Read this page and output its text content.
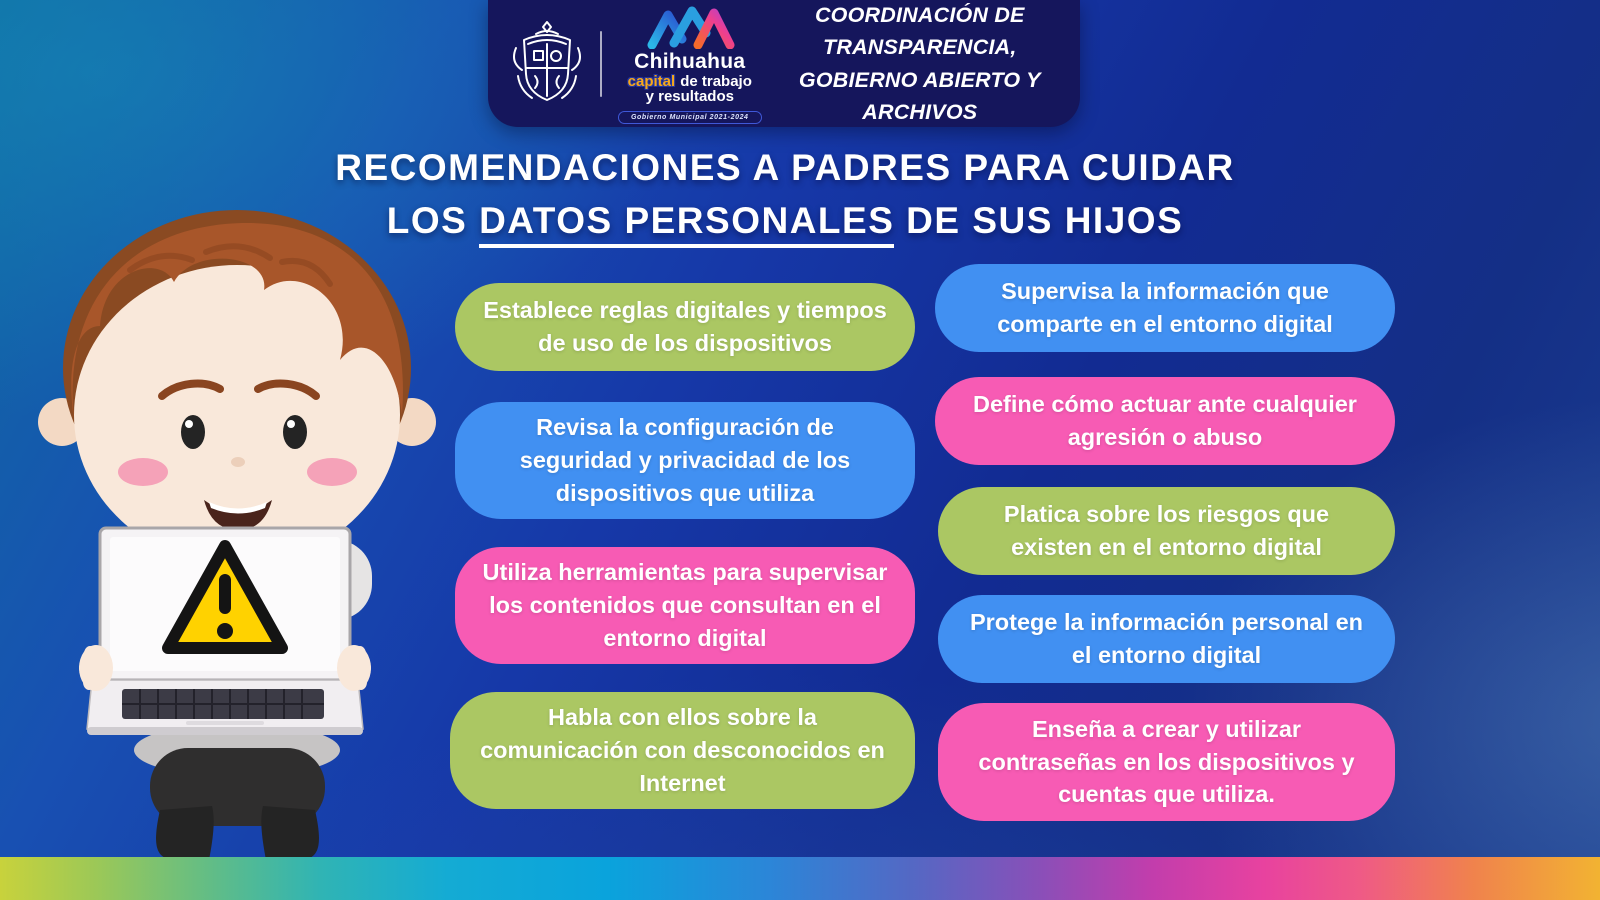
Chihuahua
capital de trabajo
y resultados
Gobierno Municipal 2021-2024
COORDINACIÓN DE TRANSPARENCIA,
GOBIERNO ABIERTO Y ARCHIVOS
RECOMENDACIONES A PADRES PARA CUIDAR
LOS DATOS PERSONALES DE SUS HIJOS
Establece reglas digitales y tiempos de uso de los dispositivos
Revisa la configuración de seguridad y privacidad de los dispositivos que utiliza
Utiliza herramientas para supervisar los contenidos que consultan en el entorno digital
Habla con ellos sobre la comunicación con desconocidos en Internet
Supervisa la información que comparte en el entorno digital
Define cómo actuar ante cualquier agresión o abuso
Platica sobre los riesgos que existen en el entorno digital
Protege la información personal en el entorno digital
Enseña a crear y utilizar contraseñas en los dispositivos y cuentas que utiliza.
